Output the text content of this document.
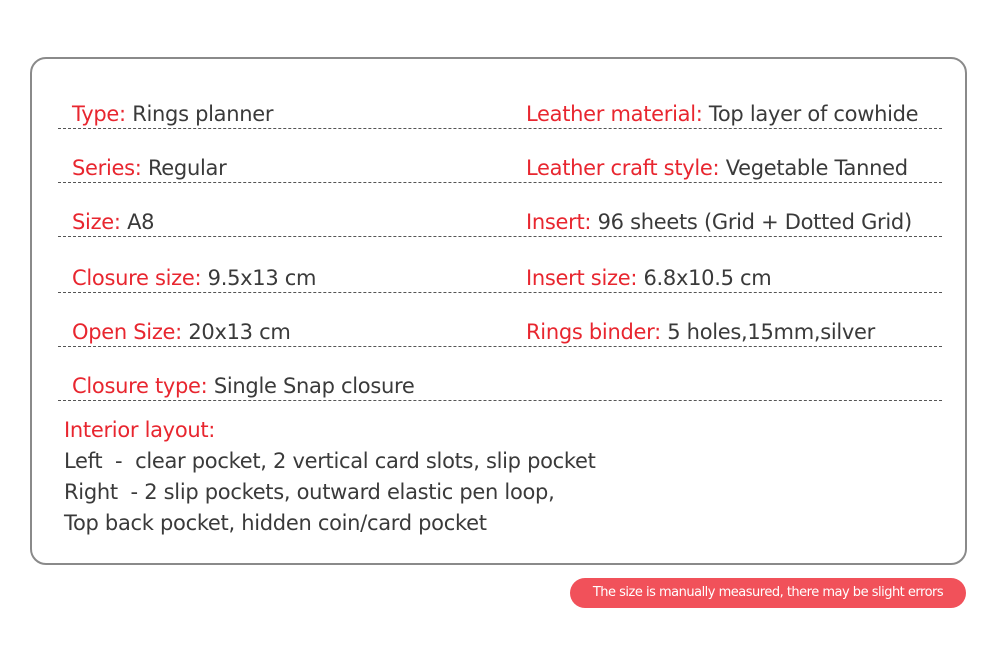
Type: Rings planner	Leather material: Top layer of cowhide
Series: Regular	Leather craft style: Vegetable Tanned
Size: A8	Insert: 96 sheets (Grid + Dotted Grid)
Closure size: 9.5x13 cm	Insert size: 6.8x10.5 cm
Open Size: 20x13 cm	Rings binder: 5 holes,15mm,silver
Closure type: Single Snap closure
Interior layout:
Left  -  clear pocket, 2 vertical card slots, slip pocket
Right  - 2 slip pockets, outward elastic pen loop,
Top back pocket, hidden coin/card pocket
The size is manually measured, there may be slight errors
